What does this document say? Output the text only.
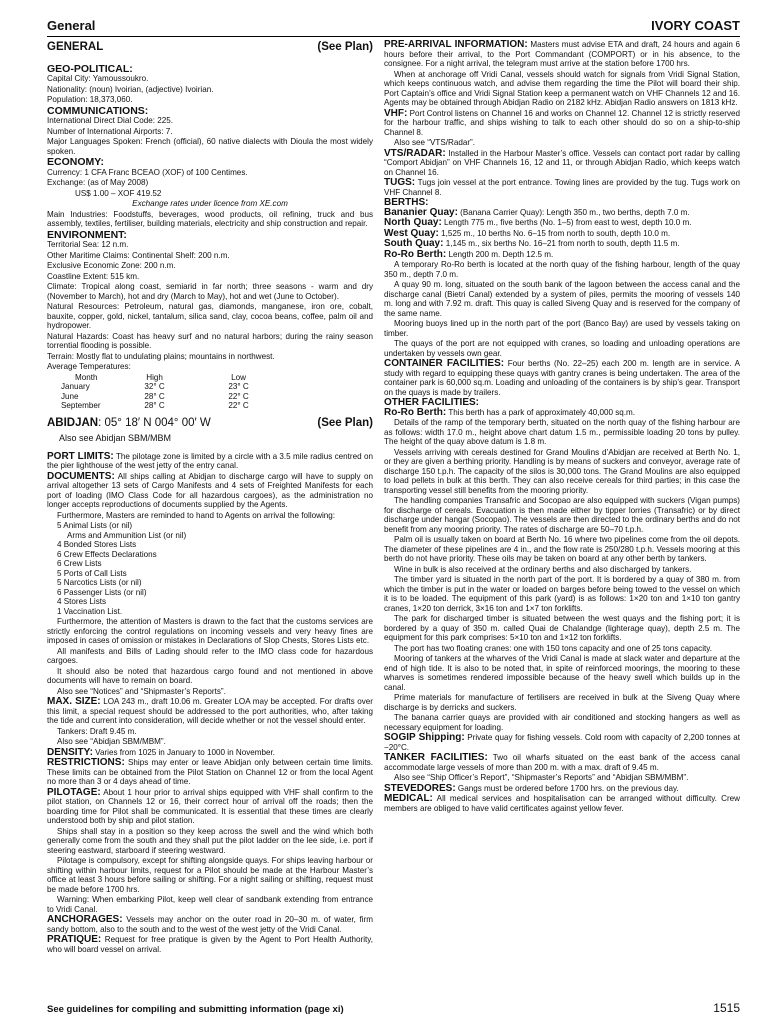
General	IVORY COAST
GENERAL	(See Plan)
GEO-POLITICAL:
Capital City: Yamoussoukro.
Nationality: (noun) Ivoirian, (adjective) Ivoirian.
Population: 18,373,060.
COMMUNICATIONS:
International Direct Dial Code: 225.
Number of International Airports: 7.
Major Languages Spoken: French (official), 60 native dialects with Dioula the most widely spoken.
ECONOMY:
Currency: 1 CFA Franc BCEAO (XOF) of 100 Centimes.
Exchange: (as of May 2008)
US$ 1.00 – XOF 419.52
Exchange rates under licence from XE.com
Main Industries: Foodstuffs, beverages, wood products, oil refining, truck and bus assembly, textiles, fertiliser, building materials, electricity and ship construction and repair.
ENVIRONMENT:
Territorial Sea: 12 n.m.
Other Maritime Claims: Continental Shelf: 200 n.m.
Exclusive Economic Zone: 200 n.m.
Coastline Extent: 515 km.
Climate: Tropical along coast, semiarid in far north; three seasons - warm and dry (November to March), hot and dry (March to May), hot and wet (June to October).
Natural Resources: Petroleum, natural gas, diamonds, manganese, iron ore, cobalt, bauxite, copper, gold, nickel, tantalum, silica sand, clay, cocoa beans, coffee, palm oil and hydropower.
Natural Hazards: Coast has heavy surf and no natural harbors; during the rainy season torrential flooding is possible.
Terrain: Mostly flat to undulating plains; mountains in northwest.
Average Temperatures:
Month	High	Low
January	32° C	23° C
June	28° C	22° C
September	28° C	22° C
ABIDJAN: 05° 18′ N 004° 00′ W	(See Plan)
Also see Abidjan SBM/MBM
PORT LIMITS: The pilotage zone is limited by a circle with a 3.5 mile radius centred on the pier lighthouse of the west jetty of the entry canal.
DOCUMENTS: All ships calling at Abidjan to discharge cargo will have to supply on arrival altogether 13 sets of Cargo Manifests and 4 sets of Freighted Manifests for each port of loading (IMO Class Code for all hazardous cargoes), as the administration no longer accepts reproductions of documents supplied by the Agents.
Furthermore, Masters are reminded to hand to Agents on arrival the following:
5 Animal Lists (or nil)
Arms and Ammunition List (or nil)
4 Bonded Stores Lists
6 Crew Effects Declarations
6 Crew Lists
5 Ports of Call Lists
5 Narcotics Lists (or nil)
6 Passenger Lists (or nil)
4 Stores Lists
1 Vaccination List.
Furthermore, the attention of Masters is drawn to the fact that the customs services are strictly enforcing the control regulations on incoming vessels and very heavy fines are imposed in cases of omission or mistakes in Declarations of Slop Chests, Stores Lists etc.
All manifests and Bills of Lading should refer to the IMO class code for hazardous cargoes.
It should also be noted that hazardous cargo found and not mentioned in above documents will have to remain on board.
Also see “Notices” and “Shipmaster’s Reports”.
MAX. SIZE: LOA 243 m., draft 10.06 m. Greater LOA may be accepted. For drafts over this limit, a special request should be addressed to the port authorities, who, after taking the tide and current into consideration, will decide whether or not the vessel should enter.
Tankers: Draft 9.45 m.
Also see “Abidjan SBM/MBM”.
DENSITY: Varies from 1025 in January to 1000 in November.
RESTRICTIONS: Ships may enter or leave Abidjan only between certain time limits. These limits can be obtained from the Pilot Station on Channel 12 or from the local Agent no more than 3 or 4 days ahead of time.
PILOTAGE: About 1 hour prior to arrival ships equipped with VHF shall confirm to the pilot station, on Channels 12 or 16, their correct hour of arrival off the roads; then the boarding time for Pilot shall be communicated. It is essential that these times are clearly understood both by ship and pilot station.
Ships shall stay in a position so they keep across the swell and the wind which both generally come from the south and they shall put the pilot ladder on the lee side, i.e. port if steering eastward, starboard if steering westward.
Pilotage is compulsory, except for shifting alongside quays. For ships leaving harbour or shifting within harbour limits, request for a Pilot should be made at the Harbour Master’s office at least 3 hours before sailing or shifting. For a night sailing or shifting, request must be made before 1700 hrs.
Warning: When embarking Pilot, keep well clear of sandbank extending from entrance to Vridi Canal.
ANCHORAGES: Vessels may anchor on the outer road in 20–30 m. of water, firm sandy bottom, also to the south and to the west of the west jetty of the Vridi Canal.
PRATIQUE: Request for free pratique is given by the Agent to Port Health Authority, who will board vessel on arrival.
PRE-ARRIVAL INFORMATION: Masters must advise ETA and draft, 24 hours and again 6 hours before their arrival, to the Port Commandant (COMPORT) or in his absence, to the consignee. For a night arrival, the telegram must arrive at the station before 1700 hrs.
When at anchorage off Vridi Canal, vessels should watch for signals from Vridi Signal Station, which keeps continuous watch, and advise them regarding the time the Pilot will board their ship. Port Captain’s office and Vridi Signal Station keep a permanent watch on VHF Channels 12 and 16. Agents may be obtained through Abidjan Radio on 2182 kHz. Abidjan Radio answers on 1813 kHz.
VHF: Port Control listens on Channel 16 and works on Channel 12. Channel 12 is strictly reserved for the harbour traffic, and ships wishing to talk to each other should do so on a ship-to-ship Channel 8.
Also see “VTS/Radar”.
VTS/RADAR: Installed in the Harbour Master’s office. Vessels can contact port radar by calling “Comport Abidjan” on VHF Channels 16, 12 and 11, or through Abidjan Radio, which keeps watch on Channel 16.
TUGS: Tugs join vessel at the port entrance. Towing lines are provided by the tug. Tugs work on VHF Channel 8.
BERTHS:
Bananier Quay: (Banana Carrier Quay): Length 350 m., two berths, depth 7.0 m.
North Quay: Length 775 m., five berths (No. 1–5) from east to west, depth 10.0 m.
West Quay: 1,525 m., 10 berths No. 6–15 from north to south, depth 10.0 m.
South Quay: 1,145 m., six berths No. 16–21 from north to south, depth 11.5 m.
Ro-Ro Berth: Length 200 m. Depth 12.5 m.
A temporary Ro-Ro berth is located at the north quay of the fishing harbour, length of the quay 350 m., depth 7.0 m.
A quay 90 m. long, situated on the south bank of the lagoon between the access canal and the discharge canal (Bietri Canal) extended by a system of piles, permits the mooring of vessels 140 m. long and with 7.92 m. draft. This quay is called Siveng Quay and is reserved for the company of the same name.
Mooring buoys lined up in the north part of the port (Banco Bay) are used by vessels taking on timber.
The quays of the port are not equipped with cranes, so loading and unloading operations are undertaken by vessels own gear.
CONTAINER FACILITIES: Four berths (No. 22–25) each 200 m. length are in service. A study with regard to equipping these quays with gantry cranes is being undertaken. The area of the container park is 60,000 sq.m. Loading and unloading of the containers is by ship’s gear. Transport on the quays is made by trailers.
OTHER FACILITIES:
Ro-Ro Berth: This berth has a park of approximately 40,000 sq.m.
Details of the ramp of the temporary berth, situated on the north quay of the fishing harbour are as follows: width 17.0 m., height above chart datum 1.5 m., permissible loading 20 tons by pulley. The height of the quay above datum is 1.8 m.
Vessels arriving with cereals destined for Grand Moulins d’Abidjan are received at Berth No. 1, or they are given a berthing priority. Handling is by means of suckers and conveyor, average rate of discharge 150 t.p.h. The capacity of the silos is 30,000 tons. The Grand Moulins are also equipped to load pellets in bulk at this berth. They can also receive cereals for third parties; in this case the transporting vessel still benefits from the mooring priority.
The handling companies Transafric and Socopao are also equipped with suckers (Vigan pumps) for discharge of cereals. Evacuation is then made either by tipper lorries (Transafric) or by direct discharge under hangar (Socopao). The vessels are then directed to the ordinary berths and do not benefit from any mooring priority. The rates of discharge are 50–70 t.p.h.
Palm oil is usually taken on board at Berth No. 16 where two pipelines come from the oil depots. The diameter of these pipelines are 4 in., and the flow rate is 250/280 t.p.h. Vessels mooring at this berth do not have priority. These oils may be taken on board at any other berth by tankers.
Wine in bulk is also received at the ordinary berths and also discharged by tankers.
The timber yard is situated in the north part of the port. It is bordered by a quay of 380 m. from which the timber is put in the water or loaded on barges before being towed to the vessel on which it is to be loaded. The equipment of this park (yard) is as follows: 1×20 ton and 1×10 ton gantry cranes, 1×20 ton derrick, 3×16 ton and 1×7 ton forklifts.
The park for discharged timber is situated between the west quays and the fishing port; it is bordered by a quay of 350 m. called Quai de Chalandge (lighterage quay), depth 2.5 m. The equipment for this park comprises: 5×10 ton and 1×12 ton forklifts.
The port has two floating cranes: one with 150 tons capacity and one of 25 tons capacity.
Mooring of tankers at the wharves of the Vridi Canal is made at slack water and departure at the end of high tide. It is also to be noted that, in spite of reinforced moorings, the mooring to these wharves is sometimes rendered impossible because of the heavy swell which builds up in the canal.
Prime materials for manufacture of fertilisers are received in bulk at the Siveng Quay where discharge is by derricks and suckers.
The banana carrier quays are provided with air conditioned and stocking hangers as well as necessary equipment for loading.
SOGIP Shipping: Private quay for fishing vessels. Cold room with capacity of 2,200 tonnes at −20°C.
TANKER FACILITIES: Two oil wharfs situated on the east bank of the access canal accommodate large vessels of more than 200 m. with a max. draft of 9.45 m.
Also see “Ship Officer’s Report”, “Shipmaster’s Reports” and “Abidjan SBM/MBM”.
STEVEDORES: Gangs must be ordered before 1700 hrs. on the previous day.
MEDICAL: All medical services and hospitalisation can be arranged without difficulty. Crew members are obliged to have valid certificates against yellow fever.
See guidelines for compiling and submitting information (page xi)	1515
